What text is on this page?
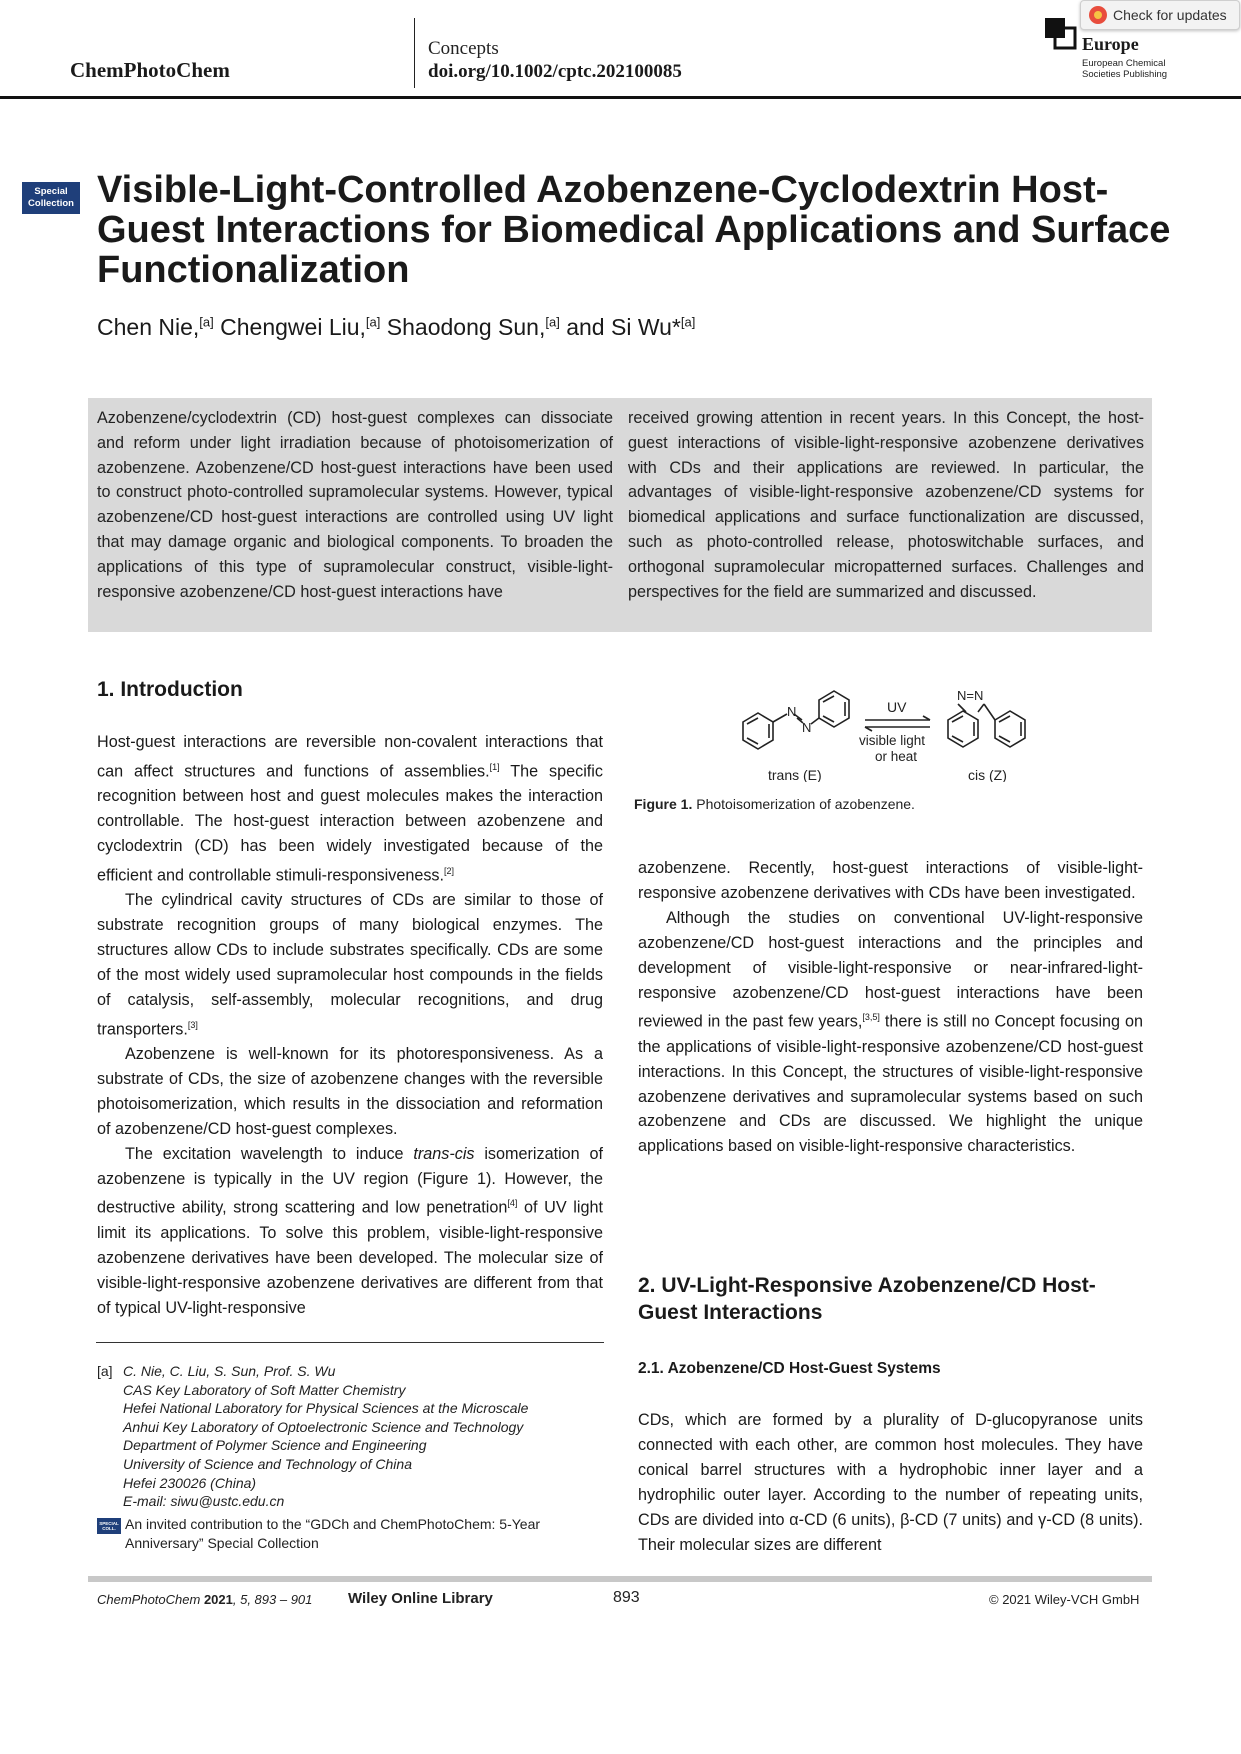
ChemPhotoChem
Concepts
doi.org/10.1002/cptc.202100085
Europe
European Chemical Societies Publishing
Check for updates
Special
Collection Visible-Light-Controlled Azobenzene-Cyclodextrin Host-Guest Interactions for Biomedical Applications and Surface Functionalization
Chen Nie,[a] Chengwei Liu,[a] Shaodong Sun,[a] and Si Wu*[a]

Azobenzene/cyclodextrin (CD) host-guest complexes can dissociate and reform under light irradiation because of photoisomerization of azobenzene. Azobenzene/CD host-guest interactions have been used to construct photo-controlled supramolecular systems. However, typical azobenzene/CD host-guest interactions are controlled using UV light that may damage organic and biological components. To broaden the applications of this type of supramolecular construct, visible-light-responsive azobenzene/CD host-guest interactions have

received growing attention in recent years. In this Concept, the host-guest interactions of visible-light-responsive azobenzene derivatives with CDs and their applications are reviewed. In particular, the advantages of visible-light-responsive azobenzene/CD systems for biomedical applications and surface functionalization are discussed, such as photo-controlled release, photoswitchable surfaces, and orthogonal supramolecular micropatterned surfaces. Challenges and perspectives for the field are summarized and discussed.

1. Introduction

Host-guest interactions are reversible non-covalent interactions that can affect structures and functions of assemblies.[1] The specific recognition between host and guest molecules makes the interaction controllable. The host-guest interaction between azobenzene and cyclodextrin (CD) has been widely investigated because of the efficient and controllable stimuli-responsiveness.[2]

The cylindrical cavity structures of CDs are similar to those of substrate recognition groups of many biological enzymes. The structures allow CDs to include substrates specifically. CDs are some of the most widely used supramolecular host compounds in the fields of catalysis, self-assembly, molecular recognitions, and drug transporters.[3]

Azobenzene is well-known for its photoresponsiveness. As a substrate of CDs, the size of azobenzene changes with the reversible photoisomerization, which results in the dissociation and reformation of azobenzene/CD host-guest complexes.

The excitation wavelength to induce trans-cis isomerization of azobenzene is typically in the UV region (Figure 1). However, the destructive ability, strong scattering and low penetration[4] of UV light limit its applications. To solve this problem, visible-light-responsive azobenzene derivatives have been developed. The molecular size of visible-light-responsive azobenzene derivatives are different from that of typical UV-light-responsive

[a] C. Nie, C. Liu, S. Sun, Prof. S. Wu
CAS Key Laboratory of Soft Matter Chemistry
Hefei National Laboratory for Physical Sciences at the Microscale
Anhui Key Laboratory of Optoelectronic Science and Technology
Department of Polymer Science and Engineering
University of Science and Technology of China
Hefei 230026 (China)
E-mail: siwu@ustc.edu.cn
SPECIAL
COLL. An invited contribution to the “GDCh and ChemPhotoChem: 5-Year Anniversary” Special Collection
N
N
N=N
UV
visible light
or heat
trans (E)	cis (Z)
Figure 1. Photoisomerization of azobenzene.

azobenzene. Recently, host-guest interactions of visible-light-responsive azobenzene derivatives with CDs have been investigated.

Although the studies on conventional UV-light-responsive azobenzene/CD host-guest interactions and the principles and development of visible-light-responsive or near-infrared-light-responsive azobenzene/CD host-guest interactions have been reviewed in the past few years,[3,5] there is still no Concept focusing on the applications of visible-light-responsive azobenzene/CD host-guest interactions. In this Concept, the structures of visible-light-responsive azobenzene derivatives and supramolecular systems based on such azobenzene and CDs are discussed. We highlight the unique applications based on visible-light-responsive characteristics.

2. UV-Light-Responsive Azobenzene/CD Host-Guest Interactions
2.1. Azobenzene/CD Host-Guest Systems

CDs, which are formed by a plurality of D-glucopyranose units connected with each other, are common host molecules. They have conical barrel structures with a hydrophobic inner layer and a hydrophilic outer layer. According to the number of repeating units, CDs are divided into α-CD (6 units), β-CD (7 units) and γ-CD (8 units). Their molecular sizes are different

ChemPhotoChem 2021, 5, 893 – 901 Wiley Online Library	893	© 2021 Wiley-VCH GmbH
